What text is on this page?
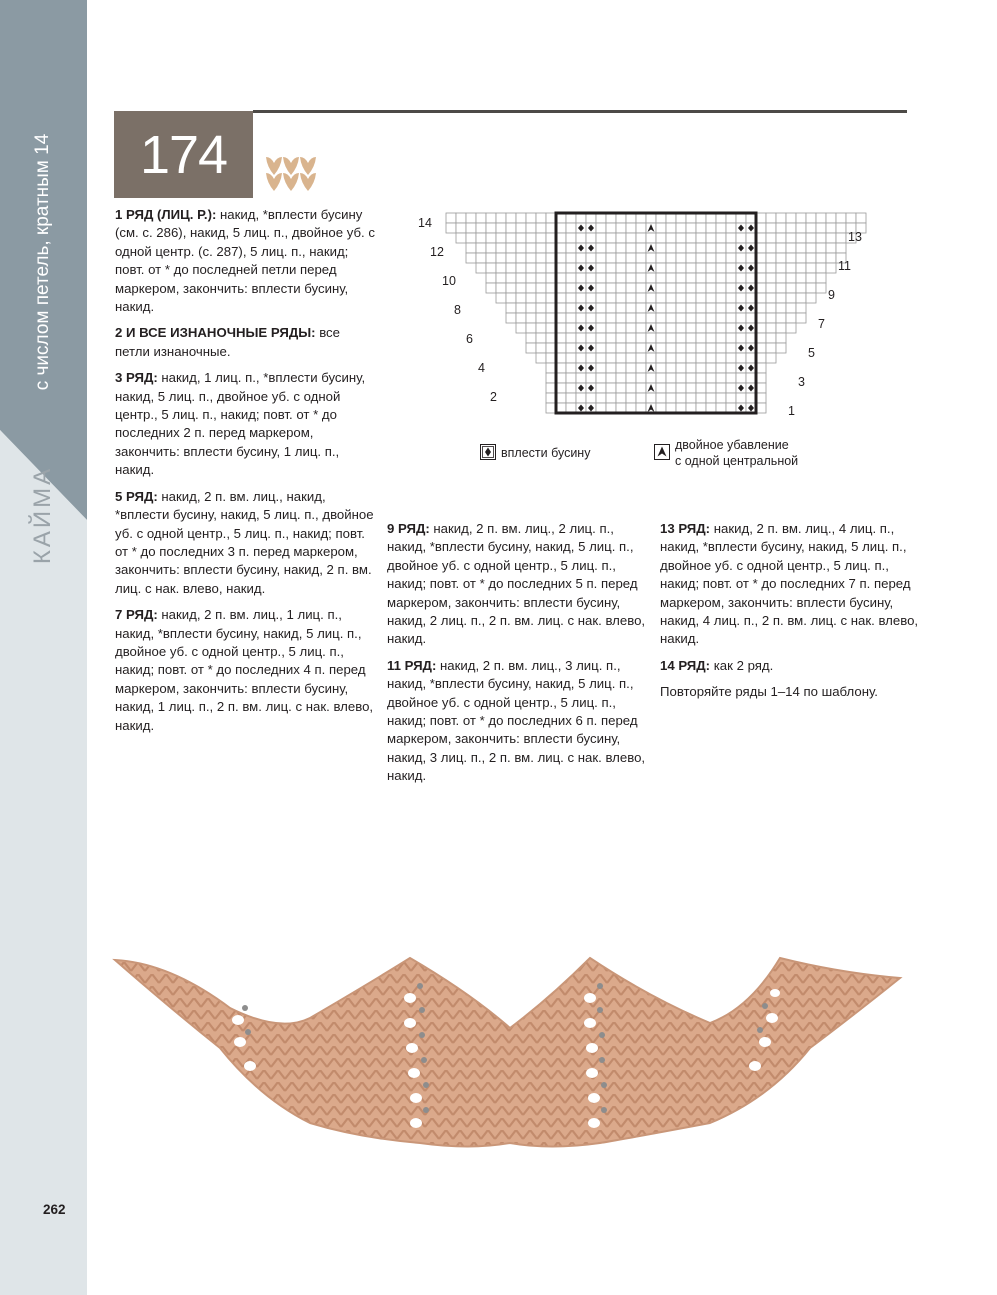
с числом петель, кратным 14
КАЙМА
174
13
11
9
7
5
3
1
14
12
10
8
6
4
2
вплести бусину
двойное убавление
с одной центральной

1 РЯД (ЛИЦ. Р.): накид, *вплести бусину (см. с. 286), накид, 5 лиц. п., двойное уб. с одной центр. (с. 287), 5 лиц. п., накид; повт. от * до последней петли перед маркером, закончить: вплести бусину, накид.

2 И ВСЕ ИЗНАНОЧНЫЕ РЯДЫ: все петли изнаночные.

3 РЯД: накид, 1 лиц. п., *вплести бусину, накид, 5 лиц. п., двойное уб. с одной центр., 5 лиц. п., накид; повт. от * до последних 2 п. перед маркером, закончить: вплести бусину, 1 лиц. п., накид.

5 РЯД: накид, 2 п. вм. лиц., накид, *вплести бусину, накид, 5 лиц. п., двойное уб. с одной центр., 5 лиц. п., накид; повт. от * до последних 3 п. перед маркером, закончить: вплести бусину, накид, 2 п. вм. лиц. с нак. влево, накид.

7 РЯД: накид, 2 п. вм. лиц., 1 лиц. п., накид, *вплести бусину, накид, 5 лиц. п., двойное уб. с одной центр., 5 лиц. п., накид; повт. от * до последних 4 п. перед маркером, закончить: вплести бусину, накид, 1 лиц. п., 2 п. вм. лиц. с нак. влево, накид.

9 РЯД: накид, 2 п. вм. лиц., 2 лиц. п., накид, *вплести бусину, накид, 5 лиц. п., двойное уб. с одной центр., 5 лиц. п., накид; повт. от * до последних 5 п. перед маркером, закончить: вплести бусину, накид, 2 лиц. п., 2 п. вм. лиц. с нак. влево, накид.

11 РЯД: накид, 2 п. вм. лиц., 3 лиц. п., накид, *вплести бусину, накид, 5 лиц. п., двойное уб. с одной центр., 5 лиц. п., накид; повт. от * до последних 6 п. перед маркером, закончить: вплести бусину, накид, 3 лиц. п., 2 п. вм. лиц. с нак. влево, накид.

13 РЯД: накид, 2 п. вм. лиц., 4 лиц. п., накид, *вплести бусину, накид, 5 лиц. п., двойное уб. с одной центр., 5 лиц. п., накид; повт. от * до последних 7 п. перед маркером, закончить: вплести бусину, накид, 4 лиц. п., 2 п. вм. лиц. с нак. влево, накид.

14 РЯД: как 2 ряд.

Повторяйте ряды 1–14 по шаблону.

262
